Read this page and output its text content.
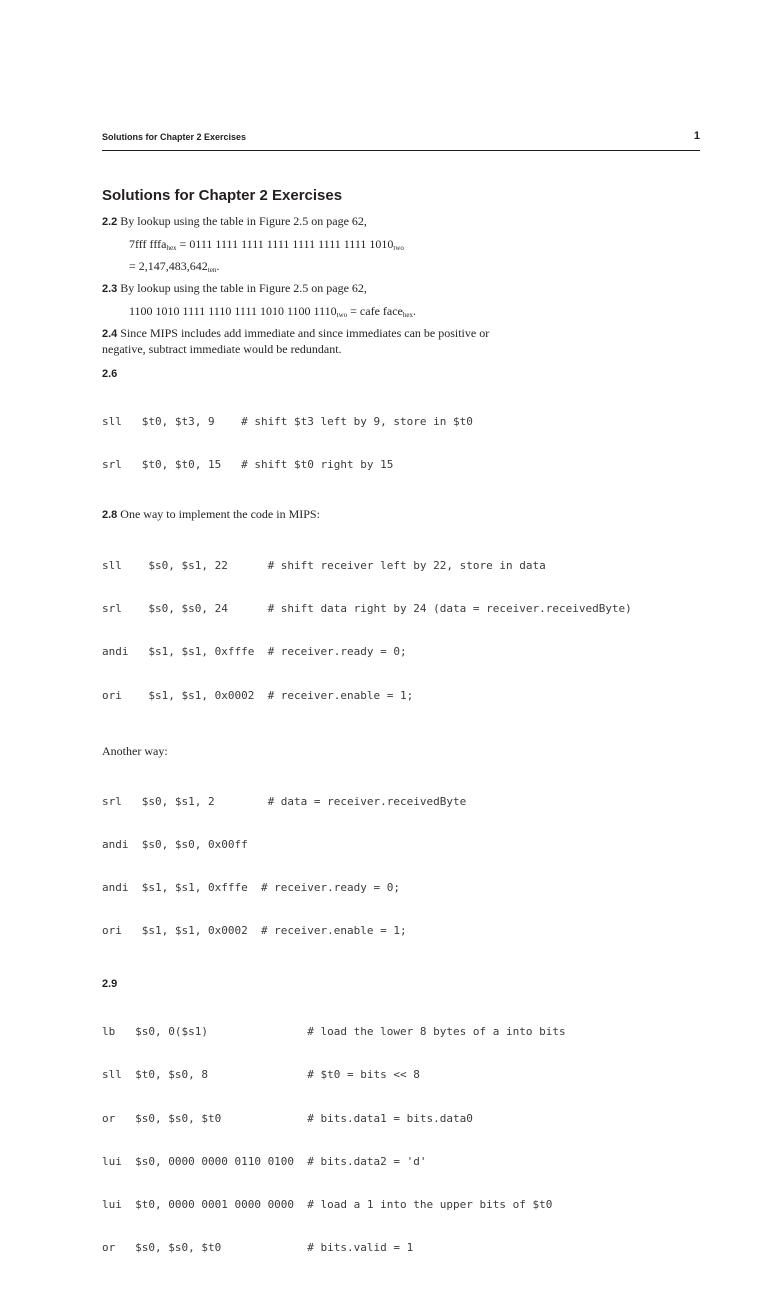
Solutions for Chapter 2 Exercises	1
Solutions for Chapter 2 Exercises
2.2 By lookup using the table in Figure 2.5 on page 62,
7fff fffa$_{hex}$ = 0111 1111 1111 1111 1111 1111 1111 $1010_{two}$
= $2,147,483,642_{ten}$.
2.3 By lookup using the table in Figure 2.5 on page 62,
1100 1010 1111 1110 1111 1010 1100 $1110_{two}$ = cafe face$_{hex}$.
2.4 Since MIPS includes add immediate and since immediates can be positive or
negative, subtract immediate would be redundant.
2.6

sll   $t0, $t3, 9    # shift $t3 left by 9, store in $t0

srl   $t0, $t0, 15   # shift $t0 right by 15

2.8 One way to implement the code in MIPS:

sll    $s0, $s1, 22      # shift receiver left by 22, store in data

srl    $s0, $s0, 24      # shift data right by 24 (data = receiver.receivedByte)

andi   $s1, $s1, 0xfffe  # receiver.ready = 0;

ori    $s1, $s1, 0x0002  # receiver.enable = 1;

Another way:

srl   $s0, $s1, 2        # data = receiver.receivedByte

andi  $s0, $s0, 0x00ff

andi  $s1, $s1, 0xfffe  # receiver.ready = 0;

ori   $s1, $s1, 0x0002  # receiver.enable = 1;

2.9

lb   $s0, 0($s1)               # load the lower 8 bytes of a into bits

sll  $t0, $s0, 8               # $t0 = bits << 8

or   $s0, $s0, $t0             # bits.data1 = bits.data0

lui  $s0, 0000 0000 0110 0100  # bits.data2 = 'd'

lui  $t0, 0000 0001 0000 0000  # load a 1 into the upper bits of $t0

or   $s0, $s0, $t0             # bits.valid = 1
